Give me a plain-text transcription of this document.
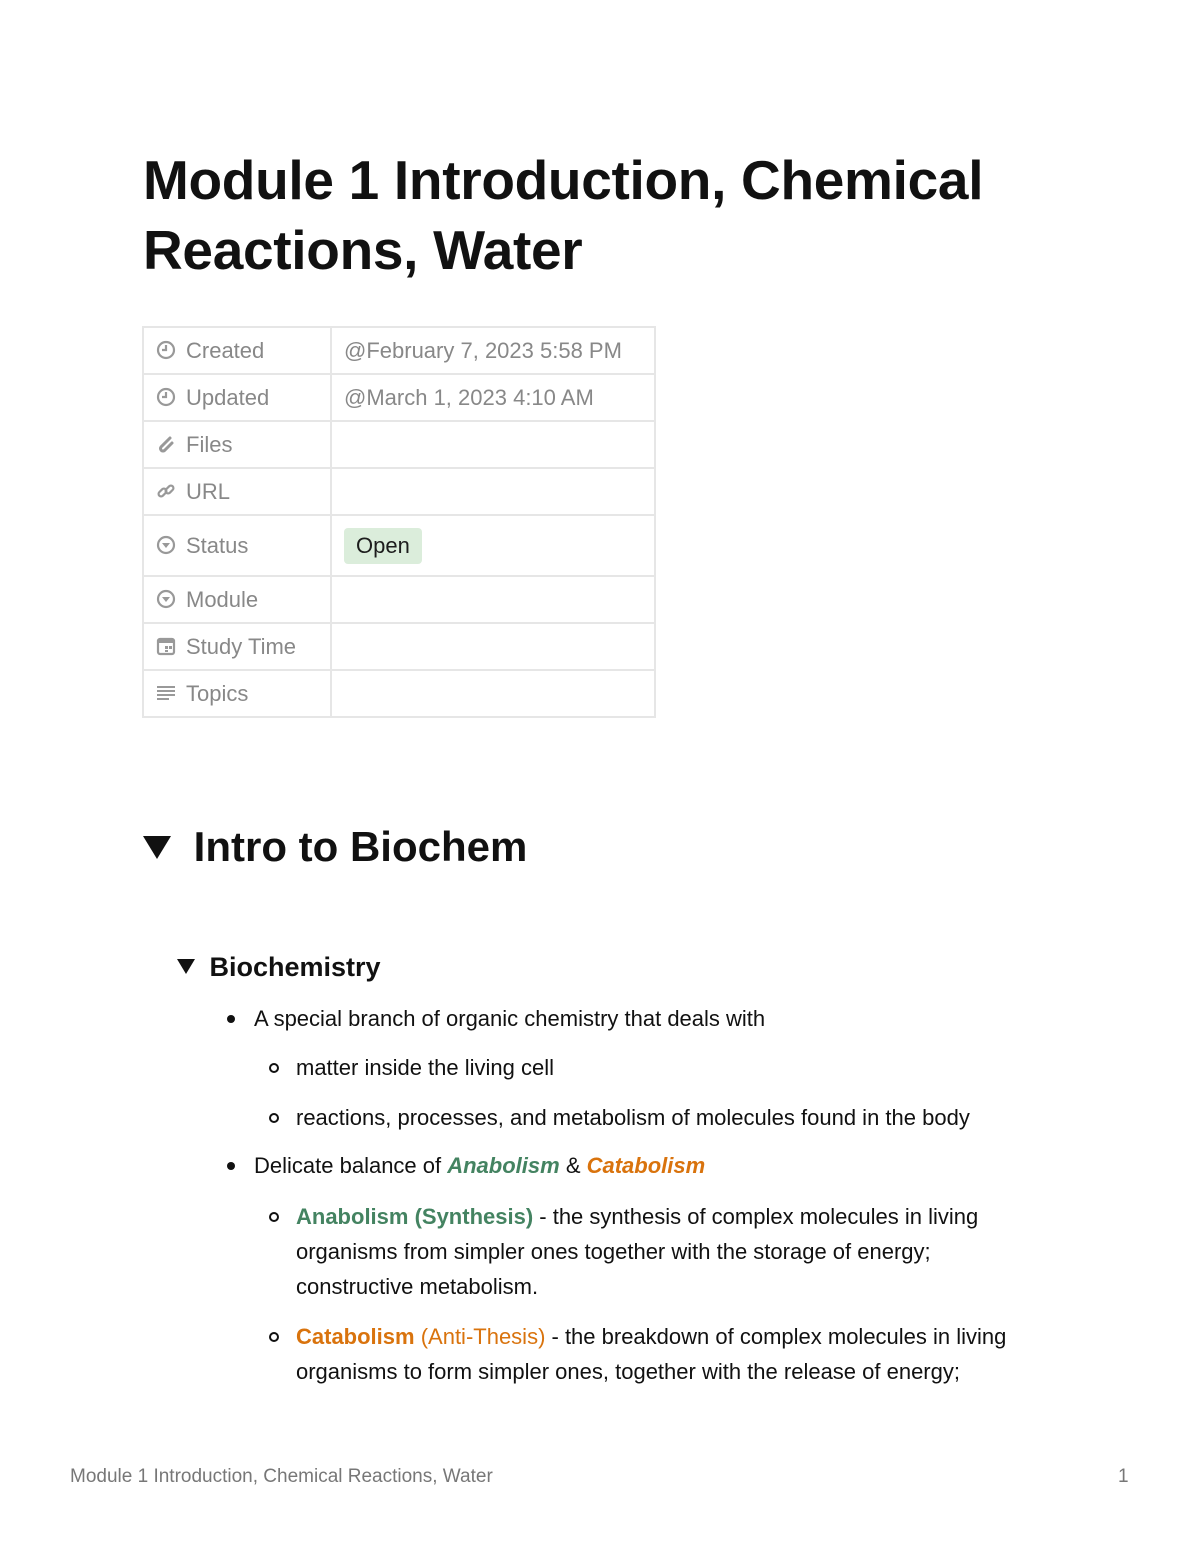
Module 1 Introduction, Chemical Reactions, Water
Created	@February 7, 2023 5:58 PM
Updated	@March 1, 2023 4:10 AM
Files	
URL	
Status	Open
Module	
Study Time	
Topics	
Intro to Biochem
Biochemistry
A special branch of organic chemistry that deals with
matter inside the living cell
reactions, processes, and metabolism of molecules found in the body
Delicate balance of Anabolism & Catabolism
Anabolism (Synthesis) - the synthesis of complex molecules in living
organisms from simpler ones together with the storage of energy;
constructive metabolism.
Catabolism (Anti-Thesis) - the breakdown of complex molecules in living
organisms to form simpler ones, together with the release of energy;
Module 1 Introduction, Chemical Reactions, Water	1
